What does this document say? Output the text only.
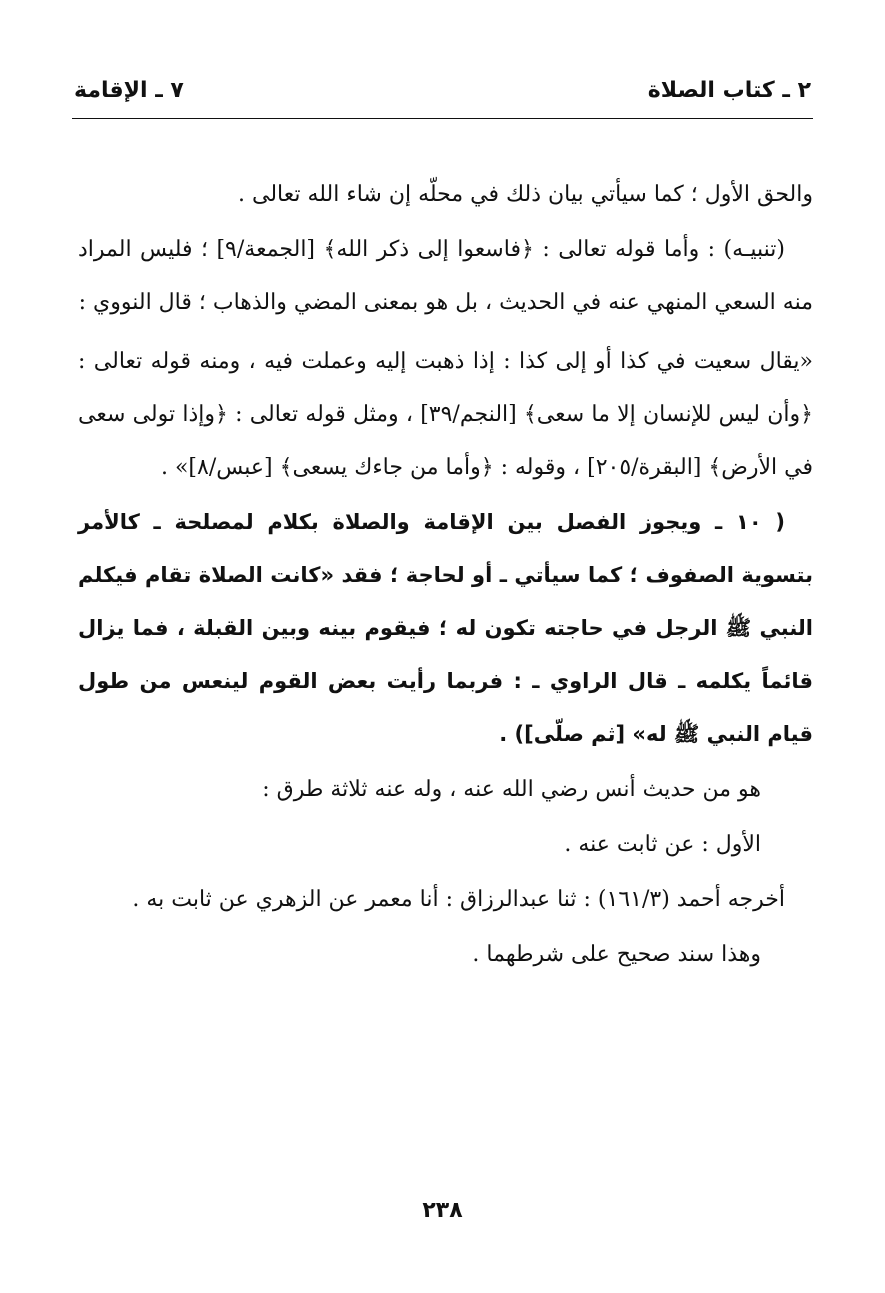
٢ ـ كتاب الصلاة
٧ ـ الإقامة

والحق الأول ؛ كما سيأتي بيان ذلك في محلّه إن شاء الله تعالى .

(تنبيـه) : وأما قوله تعالى : ﴿فاسعوا إلى ذكر الله﴾ [الجمعة/٩] ؛ فليس المراد منه السعي المنهي عنه في الحديث ، بل هو بمعنى المضي والذهاب ؛ قال النووي :

«يقال سعيت في كذا أو إلى كذا : إذا ذهبت إليه وعملت فيه ، ومنه قوله تعالى : ﴿وأن ليس للإنسان إلا ما سعى﴾ [النجم/٣٩] ، ومثل قوله تعالى : ﴿وإذا تولى سعى في الأرض﴾ [البقرة/٢٠٥] ، وقوله : ﴿وأما من جاءك يسعى﴾ [عبس/٨]» .

( ١٠ ـ ويجوز الفصل بين الإقامة والصلاة بكلام لمصلحة ـ كالأمر بتسوية الصفوف ؛ كما سيأتي ـ أو لحاجة ؛ فقد «كانت الصلاة تقام فيكلم النبي ﷺ الرجل في حاجته تكون له ؛ فيقوم بينه وبين القبلة ، فما يزال قائماً يكلمه ـ قال الراوي ـ : فربما رأيت بعض القوم لينعس من طول قيام النبي ﷺ له» [ثم صلّى]) .

هو من حديث أنس رضي الله عنه ، وله عنه ثلاثة طرق :

الأول : عن ثابت عنه .

أخرجه أحمد (١٦١/٣) : ثنا عبدالرزاق : أنا معمر عن الزهري عن ثابت به .

وهذا سند صحيح على شرطهما .

٢٣٨
